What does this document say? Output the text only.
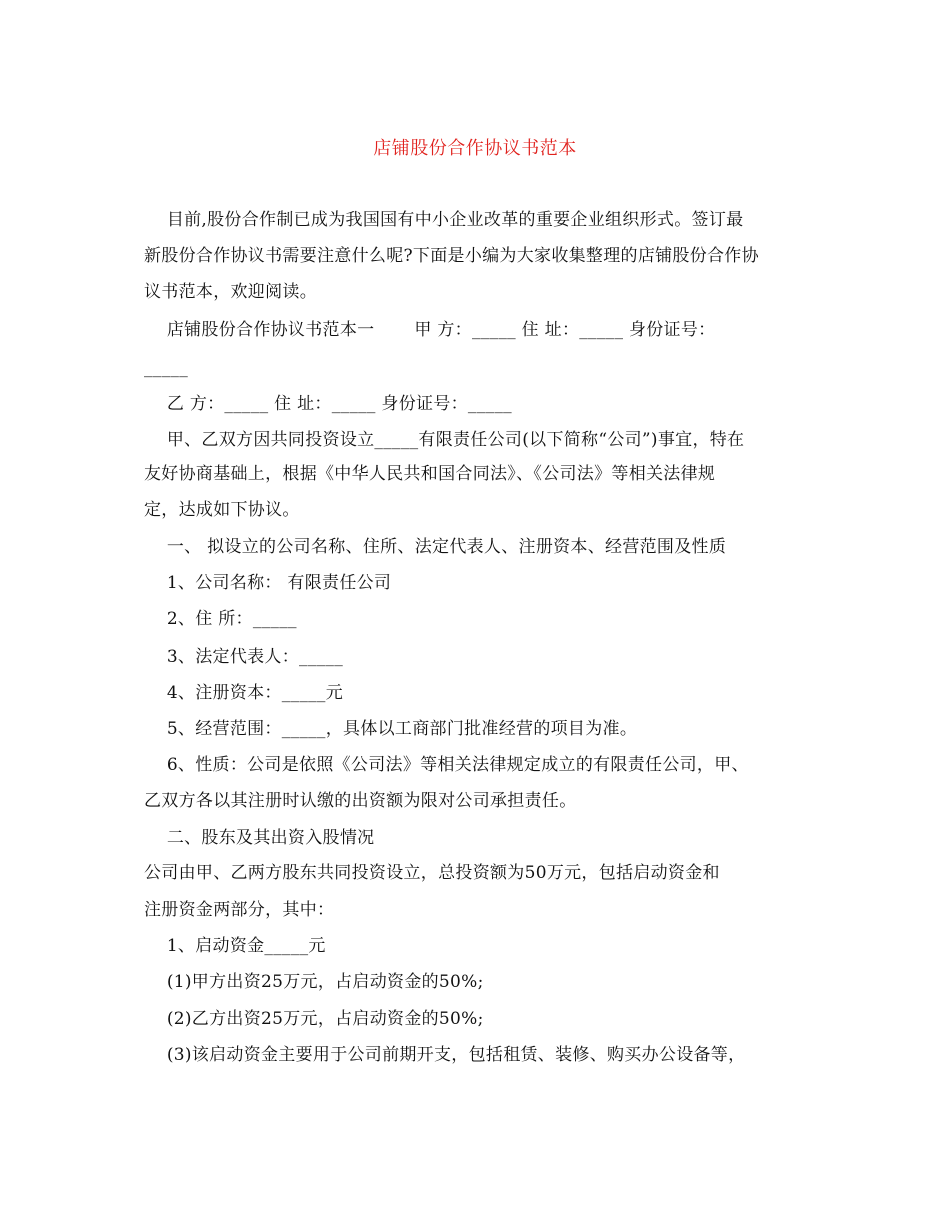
店铺股份合作协议书范本
目前,股份合作制已成为我国国有中小企业改革的重要企业组织形式。签订最
新股份合作协议书需要注意什么呢?下面是小编为大家收集整理的店铺股份合作协
议书范本，欢迎阅读。
店铺股份合作协议书范本一       甲 方：_____ 住 址：_____ 身份证号：
_____
乙 方：_____ 住 址：_____ 身份证号：_____
甲、乙双方因共同投资设立_____有限责任公司(以下简称“公司”)事宜，特在
友好协商基础上，根据《中华人民共和国合同法》、《公司法》等相关法律规
定，达成如下协议。
一、 拟设立的公司名称、住所、法定代表人、注册资本、经营范围及性质
1、公司名称： 有限责任公司
2、住 所：_____
3、法定代表人：_____
4、注册资本：_____元
5、经营范围：_____，具体以工商部门批准经营的项目为准。
6、性质：公司是依照《公司法》等相关法律规定成立的有限责任公司，甲、
乙双方各以其注册时认缴的出资额为限对公司承担责任。
二、股东及其出资入股情况
公司由甲、乙两方股东共同投资设立，总投资额为50万元，包括启动资金和
注册资金两部分，其中：
1、启动资金_____元
(1)甲方出资25万元，占启动资金的50%;
(2)乙方出资25万元，占启动资金的50%;
(3)该启动资金主要用于公司前期开支，包括租赁、装修、购买办公设备等，
